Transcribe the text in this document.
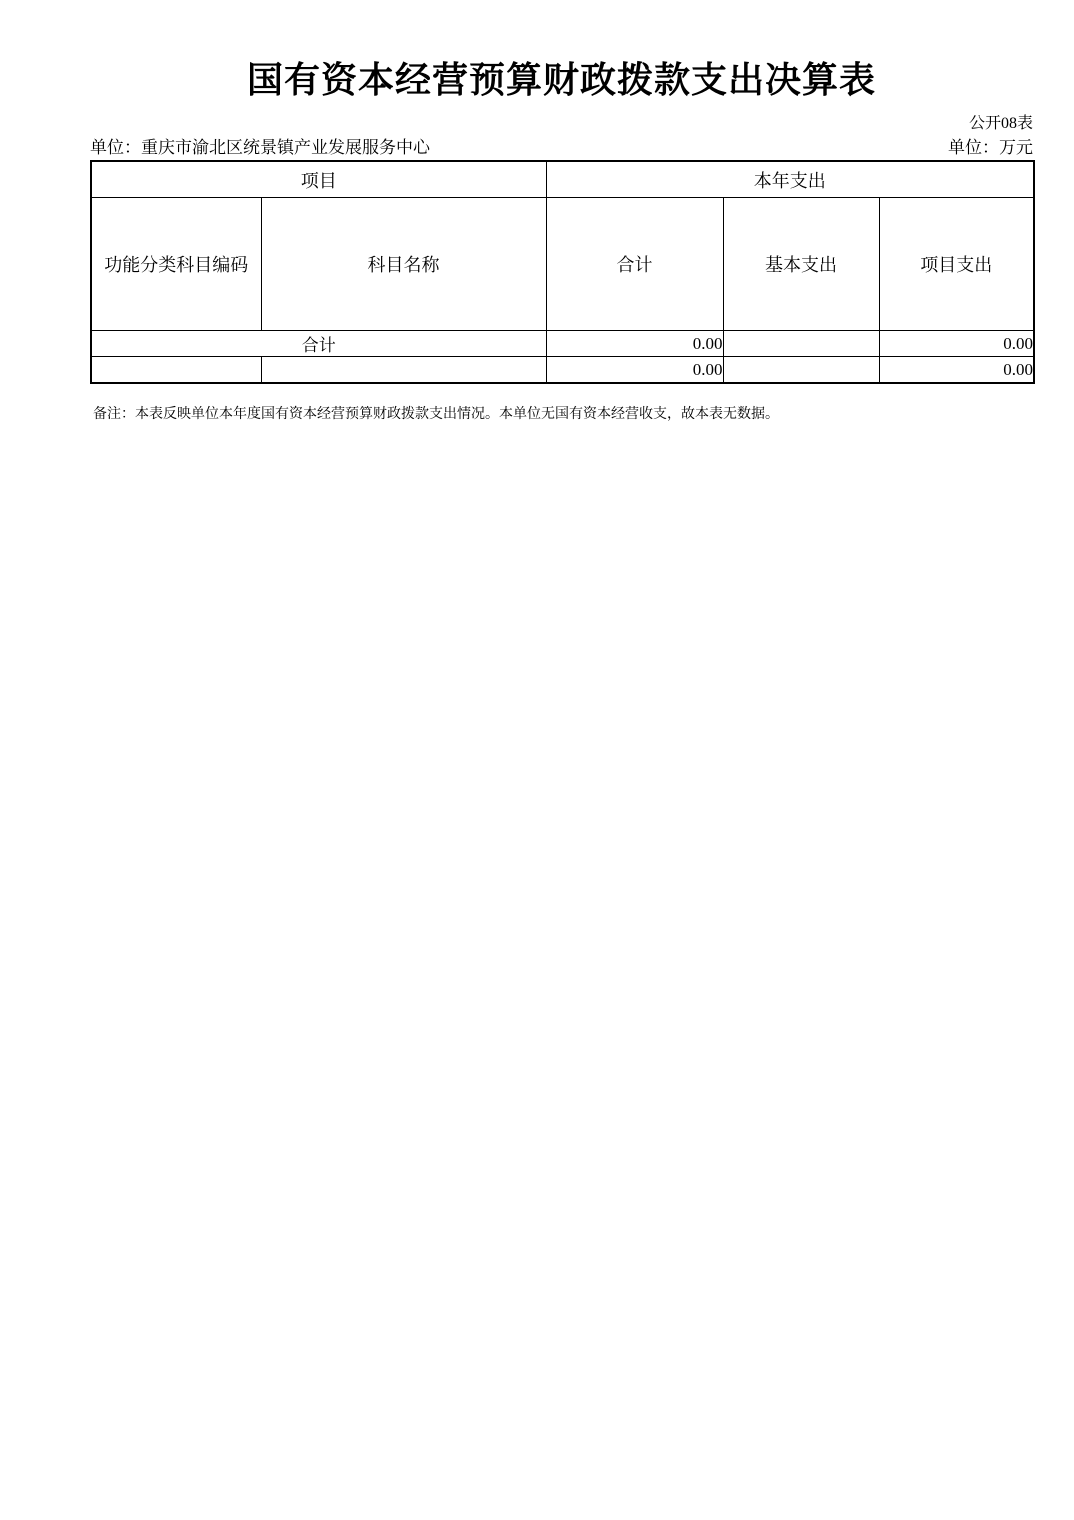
国有资本经营预算财政拨款支出决算表
公开08表
单位：重庆市渝北区统景镇产业发展服务中心	单位：万元
项目		本年支出		
功能分类科目编码	科目名称	合计	基本支出	项目支出
合计		0.00		0.00
		0.00		0.00

备注：本表反映单位本年度国有资本经营预算财政拨款支出情况。本单位无国有资本经营收支，故本表无数据。
